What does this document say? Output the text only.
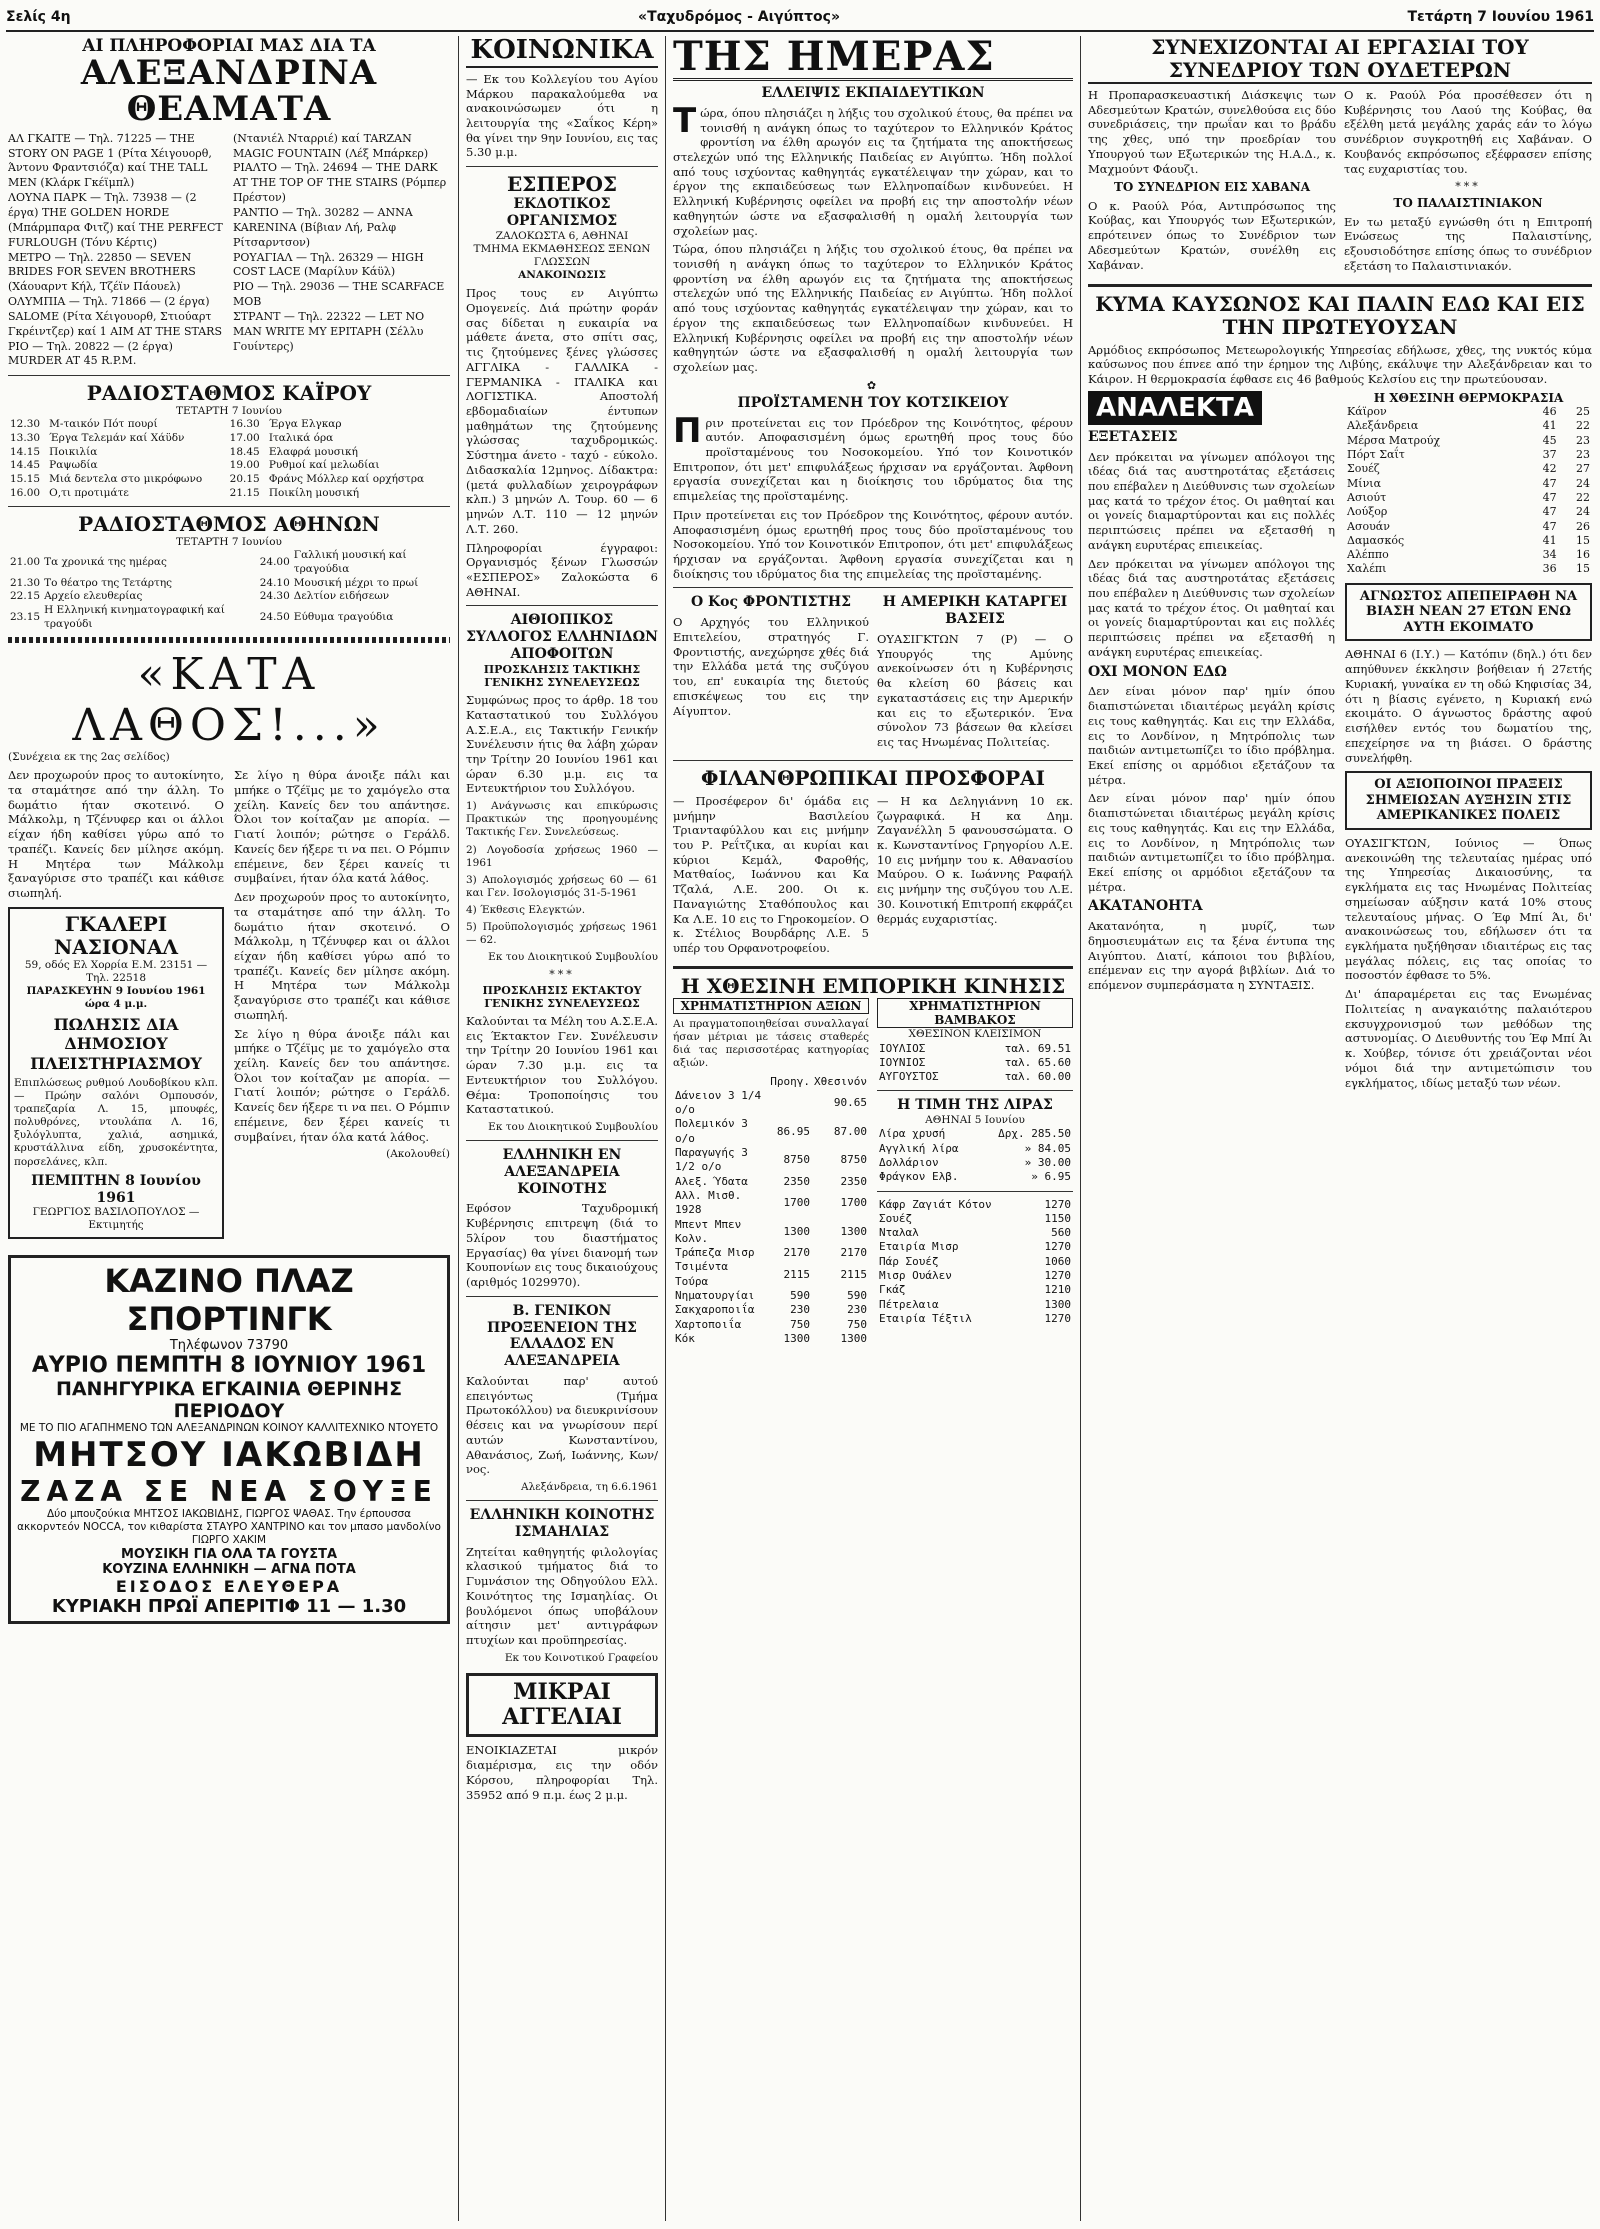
Σελίς 4η	«Ταχυδρόμος - Αιγύπτος»	Τετάρτη 7 Ιουνίου 1961
ΑΙ ΠΛΗΡΟΦΟΡΙΑΙ ΜΑΣ ΔΙΑ ΤΑ
ΑΛΕΞΑΝΔΡΙΝΑ ΘΕΑΜΑΤΑ
ΑΛ ΓΚΑΙΤΕ — Τηλ. 71225 — THE STORY ON PAGE 1 (Ρίτα Χέιγουορθ, Άντονυ Φραντσιόζα) καί THE TALL MEN (Κλάρκ Γκέϊμπλ)
ΛΟΥΝΑ ΠΑΡΚ — Τηλ. 73938 — (2 έργα) THE GOLDEN HORDE (Μπάρμπαρα Φιτζ) καί THE PERFECT FURLOUGH (Τόνυ Κέρτις)
ΜΕΤΡΟ — Τηλ. 22850 — SEVEN BRIDES FOR SEVEN BROTHERS (Χάουαρντ Κήλ, Τζέϊν Πάουελ)
ΟΛΥΜΠΙΑ — Τηλ. 71866 — (2 έργα) SALOME (Ρίτα Χέιγουορθ, Στιούαρτ Γκρέιντζερ) καί 1 AIM AT THE STARS
ΡΙΟ — Τηλ. 20822 — (2 έργα) MURDER AT 45 R.P.M.
(Ντανιέλ Νταρριέ) καί TARZAN MAGIC FOUNTAIN (Λέξ Μπάρκερ)
ΡΙΑΛΤΟ — Τηλ. 24694 — THE DARK AT THE TOP OF THE STAIRS (Ρόμπερ Πρέστον)
ΡΑΝΤΙΟ — Τηλ. 30282 — ANNA KARENINA (Βίβιαν Λή, Ραλφ Ρίτσαρντσον)
ΡΟΥΑΓΙΑΛ — Τηλ. 26329 — HIGH COST LACE (Μαρίλυν Κάϋλ)
ΡΙΟ — Τηλ. 29036 — THE SCARFACE MOB
ΣΤΡΑΝΤ — Τηλ. 22322 — LET NO MAN WRITE MY EPITAPH (Σέλλυ Γουίντερς)
ΡΑΔΙΟΣΤΑΘΜΟΣ ΚΑΪΡΟΥ
ΤΕΤΑΡΤΗ 7 Ιουνίου
12.30	Μ-ταικόν Πότ πουρί	16.30	Έργα Ελγκαρ
13.30	Έργα Τελεμάν καί Χάϋδν	17.00	Ιταλικά όρα
14.15	Ποικιλία	18.45	Ελαφρά μουσική
14.45	Ραψωδία	19.00	Ρυθμοί καί μελωδίαι
15.15	Μιά δεντελα στο μικρόφωνο	20.15	Φράνς Μόλλερ καί ορχήστρα
16.00	Ο,τι προτιμάτε	21.15	Ποικίλη μουσική
ΡΑΔΙΟΣΤΑΘΜΟΣ ΑΘΗΝΩΝ
ΤΕΤΑΡΤΗ 7 Ιουνίου
21.00	Τα χρονικά της ημέρας	24.00	Γαλλική μουσική καί τραγούδια
21.30	Το θέατρο της Τετάρτης	24.10	Μουσική μέχρι το πρωί
22.15	Αρχείο ελευθερίας	24.30	Δελτίον ειδήσεων
23.15	Η Ελληνική κινηματογραφική καί τραγούδι	24.50	Εύθυμα τραγούδια
«ΚΑΤΑ ΛΑΘΟΣ!...»
(Συνέχεια εκ της 2ας σελίδος)

Δεν προχωρούν προς το αυτοκίνητο, τα σταμάτησε από την άλλη. Το δωμάτιο ήταν σκοτεινό. Ο Μάλκολμ, η Τζένυφερ και οι άλλοι είχαν ήδη καθίσει γύρω από το τραπέζι. Κανείς δεν μίλησε ακόμη. Η Μητέρα των Μάλκολμ ξαναγύρισε στο τραπέζι και κάθισε σιωπηλή.

ΓΚΑΛΕΡΙ ΝΑΣΙΟΝΑΛ
59, οδός Ελ Χορρία Ε.Μ. 23151 — Τηλ. 22518
ΠΑΡΑΣΚΕΥΗΝ 9 Ιουνίου 1961 ώρα 4 μ.μ.
ΠΩΛΗΣΙΣ ΔΙΑ ΔΗΜΟΣΙΟΥ ΠΛΕΙΣΤΗΡΙΑΣΜΟΥ

Επιπλώσεως ρυθμού Λουδοβίκου κλπ. — Πρώην σαλόνι Ομπουσόν, τραπεζαρία Λ. 15, μπουφές, πολυθρόνες, ντουλάπα Λ. 16, ξυλόγλυπτα, χαλιά, ασημικά, κρυστάλλινα είδη, χρυσοκέντητα, πορσελάνες, κλπ.

ΠΕΜΠΤΗΝ 8 Ιουνίου 1961
ΓΕΩΡΓΙΟΣ ΒΑΣΙΛΟΠΟΥΛΟΣ — Εκτιμητής

Σε λίγο η θύρα άνοιξε πάλι και μπήκε ο Τζέϊμς με το χαμόγελο στα χείλη. Κανείς δεν του απάντησε. Όλοι τον κοίταζαν με απορία. — Γιατί λοιπόν; ρώτησε ο Γεράλδ. Κανείς δεν ήξερε τι να πει. Ο Ρόμπιν επέμεινε, δεν ξέρει κανείς τι συμβαίνει, ήταν όλα κατά λάθος.

Δεν προχωρούν προς το αυτοκίνητο, τα σταμάτησε από την άλλη. Το δωμάτιο ήταν σκοτεινό. Ο Μάλκολμ, η Τζένυφερ και οι άλλοι είχαν ήδη καθίσει γύρω από το τραπέζι. Κανείς δεν μίλησε ακόμη. Η Μητέρα των Μάλκολμ ξαναγύρισε στο τραπέζι και κάθισε σιωπηλή.

Σε λίγο η θύρα άνοιξε πάλι και μπήκε ο Τζέϊμς με το χαμόγελο στα χείλη. Κανείς δεν του απάντησε. Όλοι τον κοίταζαν με απορία. — Γιατί λοιπόν; ρώτησε ο Γεράλδ. Κανείς δεν ήξερε τι να πει. Ο Ρόμπιν επέμεινε, δεν ξέρει κανείς τι συμβαίνει, ήταν όλα κατά λάθος.

(Ακολουθεί)
ΚΑΖΙΝΟ ΠΛΑΖ ΣΠΟΡΤΙΝΓΚ
Τηλέφωνον 73790
ΑΥΡΙΟ ΠΕΜΠΤΗ 8 ΙΟΥΝΙΟΥ 1961
ΠΑΝΗΓΥΡΙΚΑ ΕΓΚΑΙΝΙΑ ΘΕΡΙΝΗΣ ΠΕΡΙΟΔΟΥ
ΜΕ ΤΟ ΠΙΟ ΑΓΑΠΗΜΕΝΟ ΤΩΝ ΑΛΕΞΑΝΔΡΙΝΩΝ ΚΟΙΝΟΥ ΚΑΛΛΙΤΕΧΝΙΚΟ ΝΤΟΥΕΤΟ
ΜΗΤΣΟΥ ΙΑΚΩΒΙΔΗ
ΖΑΖΑ ΣΕ ΝΕΑ ΣΟΥΞΕ
Δύο μπουζούκια ΜΗΤΣΟΣ ΙΑΚΩΒΙΔΗΣ, ΓΙΩΡΓΟΣ ΨΑΘΑΣ. Την έρπουσσα ακκορντεόν NOCCA, τον κιθαρίστα ΣΤΑΥΡΟ ΧΑΝΤΡΙΝΟ και τον μπασο μανδολίνο ΓΙΩΡΓΟ ΧΑΚΙΜ
ΜΟΥΣΙΚΗ ΓΙΑ ΟΛΑ ΤΑ ΓΟΥΣΤΑ
ΚΟΥΖΙΝΑ ΕΛΛΗΝΙΚΗ — ΑΓΝΑ ΠΟΤΑ
ΕΙΣΟΔΟΣ ΕΛΕΥΘΕΡΑ
ΚΥΡΙΑΚΗ ΠΡΩΪ ΑΠΕΡΙΤΙΦ 11 — 1.30
ΚΟΙΝΩΝΙΚΑ

— Εκ του Κολλεγίου του Αγίου Μάρκου παρακαλούμεθα να ανακοινώσωμεν ότι η λειτουργία της «Σαΐκος Κέρη» θα γίνει την 9ην Ιουνίου, εις τας 5.30 μ.μ.

ΕΣΠΕΡΟΣ
ΕΚΔΟΤΙΚΟΣ ΟΡΓΑΝΙΣΜΟΣ
ΖΑΛΟΚΩΣΤΑ 6, ΑΘΗΝΑΙ
ΤΜΗΜΑ ΕΚΜΑΘΗΣΕΩΣ ΞΕΝΩΝ ΓΛΩΣΣΩΝ
ΑΝΑΚΟΙΝΩΣΙΣ

Προς τους εν Αιγύπτω Ομογενείς. Διά πρώτην φοράν σας δίδεται η ευκαιρία να μάθετε άνετα, στο σπίτι σας, τις ζητούμενες ξένες γλώσσες ΑΓΓΛΙΚΑ - ΓΑΛΛΙΚΑ - ΓΕΡΜΑΝΙΚΑ - ΙΤΑΛΙΚΑ και ΛΟΓΙΣΤΙΚΑ. Αποστολή εβδομαδιαίων έντυπων μαθημάτων της ζητούμενης γλώσσας ταχυδρομικώς. Σύστημα άνετο - ταχύ - εύκολο. Διδασκαλία 12μηνος. Δίδακτρα: (μετά φυλλαδίων χειρογράφων κλπ.) 3 μηνών Λ. Τουρ. 60 — 6 μηνών Λ.Τ. 110 — 12 μηνών Λ.Τ. 260.

Πληροφορίαι έγγραφοι: Οργανισμός ξένων Γλωσσών «ΕΣΠΕΡΟΣ» Ζαλοκώστα 6 ΑΘΗΝΑΙ.

ΑΙΘΙΟΠΙΚΟΣ ΣΥΛΛΟΓΟΣ ΕΛΛΗΝΙΔΩΝ ΑΠΟΦΟΙΤΩΝ
ΠΡΟΣΚΛΗΣΙΣ ΤΑΚΤΙΚΗΣ ΓΕΝΙΚΗΣ ΣΥΝΕΛΕΥΣΕΩΣ

Συμφώνως προς το άρθρ. 18 του Καταστατικού του Συλλόγου Α.Σ.Ε.Α., εις Τακτικήν Γενικήν Συνέλευσιν ήτις θα λάβη χώραν την Τρίτην 20 Ιουνίου 1961 και ώραν 6.30 μ.μ. εις τα Εντευκτήριον του Συλλόγου.

1) Ανάγνωσις και επικύρωσις Πρακτικών της προηγουμένης Τακτικής Γεν. Συνελεύσεως.
2) Λογοδοσία χρήσεως 1960 — 1961
3) Απολογισμός χρήσεως 60 — 61 και Γεν. Ισολογισμός 31-5-1961
4) Έκθεσις Ελεγκτών.
5) Προϋπολογισμός χρήσεως 1961 — 62.
Εκ του Διοικητικού Συμβουλίου
***
ΠΡΟΣΚΛΗΣΙΣ ΕΚΤΑΚΤΟΥ ΓΕΝΙΚΗΣ ΣΥΝΕΛΕΥΣΕΩΣ

Καλούνται τα Μέλη του Α.Σ.Ε.Α. εις Έκτακτον Γεν. Συνέλευσιν την Τρίτην 20 Ιουνίου 1961 και ώραν 7.30 μ.μ. εις τα Εντευκτήριον του Συλλόγου. Θέμα: Τροποποίησις του Καταστατικού.

Εκ του Διοικητικού Συμβουλίου
ΕΛΛΗΝΙΚΗ ΕΝ ΑΛΕΞΑΝΔΡΕΙΑ ΚΟΙΝΟΤΗΣ

Εφόσον Ταχυδρομική Κυβέρνησις επιτρεψη (διά το 5λίρον του διαστήματος Εργασίας) θα γίνει διανομή των Κουπονίων εις τους δικαιούχους (αριθμός 1029970).

Β. ΓΕΝΙΚΟΝ ΠΡΟΞΕΝΕΙΟΝ ΤΗΣ ΕΛΛΑΔΟΣ ΕΝ ΑΛΕΞΑΝΔΡΕΙΑ

Καλούνται παρ' αυτού επειγόντως (Τμήμα Πρωτοκόλλου) να διευκρινίσουν θέσεις και να γνωρίσουν περί αυτών Κωνσταντίνου, Αθανάσιος, Ζωή, Ιωάννης, Κων/νος.

Αλεξάνδρεια, τη 6.6.1961
ΕΛΛΗΝΙΚΗ ΚΟΙΝΟΤΗΣ ΙΣΜΑΗΛΙΑΣ

Ζητείται καθηγητής φιλολογίας κλασικού τμήματος διά το Γυμνάσιον της Οδηγούλου Ελλ. Κοινότητος της Ισμαηλίας. Οι βουλόμενοι όπως υποβάλουν αίτησιν μετ' αντιγράφων πτυχίων και προϋπηρεσίας.

Εκ του Κοινοτικού Γραφείου
ΜΙΚΡΑΙ ΑΓΓΕΛΙΑΙ

ΕΝΟΙΚΙΑΖΕΤΑΙ μικρόν διαμέρισμα, εις την οδόν Κόρσου, πληροφορίαι Τηλ. 35952 από 9 π.μ. έως 2 μ.μ.

ΤΗΣ ΗΜΕΡΑΣ
ΕΛΛΕΙΨΙΣ ΕΚΠΑΙΔΕΥΤΙΚΩΝ

Τώρα, όπου πλησιάζει η λήξις του σχολικού έτους, θα πρέπει να τονισθή η ανάγκη όπως το ταχύτερον το Ελληνικόν Κράτος φροντίση να έλθη αρωγόν εις τα ζητήματα της αποκτήσεως στελεχών υπό της Ελληνικής Παιδείας εν Αιγύπτω. Ήδη πολλοί από τους ισχύοντας καθηγητάς εγκατέλειψαν την χώραν, και το έργον της εκπαιδεύσεως των Ελληνοπαίδων κινδυνεύει. Η Ελληνική Κυβέρνησις οφείλει να προβή εις την αποστολήν νέων καθηγητών ώστε να εξασφαλισθή η ομαλή λειτουργία των σχολείων μας.

Τώρα, όπου πλησιάζει η λήξις του σχολικού έτους, θα πρέπει να τονισθή η ανάγκη όπως το ταχύτερον το Ελληνικόν Κράτος φροντίση να έλθη αρωγόν εις τα ζητήματα της αποκτήσεως στελεχών υπό της Ελληνικής Παιδείας εν Αιγύπτω. Ήδη πολλοί από τους ισχύοντας καθηγητάς εγκατέλειψαν την χώραν, και το έργον της εκπαιδεύσεως των Ελληνοπαίδων κινδυνεύει. Η Ελληνική Κυβέρνησις οφείλει να προβή εις την αποστολήν νέων καθηγητών ώστε να εξασφαλισθή η ομαλή λειτουργία των σχολείων μας.

✿
ΠΡΟΪΣΤΑΜΕΝΗ ΤΟΥ ΚΟΤΣΙΚΕΙΟΥ

Πριν προτείνεται εις τον Πρόεδρον της Κοινότητος, φέρουν αυτόν. Αποφασισμένη όμως ερωτηθή προς τους δύο προϊσταμένους του Νοσοκομείου. Υπό τον Κοινοτικόν Επιτροπον, ότι μετ' επιφυλάξεως ήρχισαν να εργάζονται. Άφθονη εργασία συνεχίζεται και η διοίκησις του ιδρύματος δια της επιμελείας της προϊσταμένης.

Πριν προτείνεται εις τον Πρόεδρον της Κοινότητος, φέρουν αυτόν. Αποφασισμένη όμως ερωτηθή προς τους δύο προϊσταμένους του Νοσοκομείου. Υπό τον Κοινοτικόν Επιτροπον, ότι μετ' επιφυλάξεως ήρχισαν να εργάζονται. Άφθονη εργασία συνεχίζεται και η διοίκησις του ιδρύματος δια της επιμελείας της προϊσταμένης.

Ο Κος ΦΡΟΝΤΙΣΤΗΣ

Ο Αρχηγός του Ελληνικού Επιτελείου, στρατηγός Γ. Φροντιστής, ανεχώρησε χθές διά την Ελλάδα μετά της συζύγου του, επ' ευκαιρία της διετούς επισκέψεως του εις την Αίγυπτον.

Η ΑΜΕΡΙΚΗ ΚΑΤΑΡΓΕΙ ΒΑΣΕΙΣ

ΟΥΑΣΙΓΚΤΩΝ 7 (Ρ) — Ο Υπουργός της Αμύνης ανεκοίνωσεν ότι η Κυβέρνησις θα κλείση 60 βάσεις και εγκαταστάσεις εις την Αμερικήν και εις το εξωτερικόν. Ένα σύνολον 73 βάσεων θα κλείσει εις τας Ηνωμένας Πολιτείας.

ΦΙΛΑΝΘΡΩΠΙΚΑΙ ΠΡΟΣΦΟΡΑΙ

— Προσέφερον δι' όμάδα εις μνήμην Βασιλείου Τριανταφύλλου και εις μνήμην του Ρ. Ρεΐτζικα, αι κυρίαι και κύριοι Κεμάλ, Φαροθής, Ματθαίος, Ιωάννου και Κα Τζαλά, Λ.Ε. 200. Οι κ. Παναγιώτης Σταθόπουλος και Κα Λ.Ε. 10 εις το Γηροκομείον. Ο κ. Στέλιος Βουρδάρης Λ.Ε. 5 υπέρ του Ορφανοτροφείου.

— Η κα Δεληγιάννη 10 εκ. ζωγραφικά. Η κα Δημ. Ζαγανέλλη 5 φανουσσώματα. Ο κ. Κωνσταντίνος Γρηγορίου Λ.Ε. 10 εις μνήμην του κ. Αθανασίου Μαύρου. Ο κ. Ιωάννης Ραφαήλ εις μνήμην της συζύγου του Λ.Ε. 30. Κοινοτική Επιτροπή εκφράζει θερμάς ευχαριστίας.

Η ΧΘΕΣΙΝΗ ΕΜΠΟΡΙΚΗ ΚΙΝΗΣΙΣ
ΧΡΗΜΑΤΙΣΤΗΡΙΟΝ ΑΞΙΩΝ

Αι πραγματοποιηθείσαι συναλλαγαί ήσαν μέτριαι με τάσεις σταθερές διά τας περισσοτέρας κατηγορίας αξιών.

	Προηγ.	Χθεσινόν
Δάνειον 3 1/4 ο/ο		90.65
Πολεμικόν 3 ο/ο	86.95	87.00
Παραγωγής 3 1/2 ο/ο	8750	8750
Αλεξ. Ύδατα	2350	2350
Αλλ. Μισθ. 1928	1700	1700
Μπεντ Μπεν Κολν.	1300	1300
Τράπεζα Μισρ	2170	2170
Τσιμέντα Τούρα	2115	2115
Νηματουργίαι	590	590
Σακχαροποιΐα	230	230
Χαρτοποιΐα	750	750
Κόκ	1300	1300
ΧΡΗΜΑΤΙΣΤΗΡΙΟΝ ΒΑΜΒΑΚΟΣ
ΧΘΕΣΙΝΟΝ ΚΛΕΙΣΙΜΟΝ
ΙΟΥΛΙΟΣ	ταλ. 69.51
ΙΟΥΝΙΟΣ	ταλ. 65.60
ΑΥΓΟΥΣΤΟΣ	ταλ. 60.00
Η ΤΙΜΗ ΤΗΣ ΛΙΡΑΣ
ΑΘΗΝΑΙ 5 Ιουνίου
Λίρα χρυσή	Δρχ. 285.50
Αγγλική λίρα	» 84.05
Δολλάριον	» 30.00
Φράγκον Ελβ.	» 6.95
Κάφρ Ζαγιάτ Κότον	1270
Σουέζ	1150
Νταλαλ	560
Εταιρία Μισρ	1270
Πάρ Σουέζ	1060
Μισρ Ουάλεν	1270
Γκάζ	1210
Πέτρελαια	1300
Εταιρία Τέξτιλ	1270
ΣΥΝΕΧΙΖΟΝΤΑΙ ΑΙ ΕΡΓΑΣΙΑΙ ΤΟΥ ΣΥΝΕΔΡΙΟΥ ΤΩΝ ΟΥΔΕΤΕΡΩΝ

Η Προπαρασκευαστική Διάσκεψις των Αδεσμεύτων Κρατών, συνελθούσα εις δύο συνεδριάσεις, την πρωΐαν και το βράδυ της χθες, υπό την προεδρίαν του Υπουργού των Εξωτερικών της Η.Α.Δ., κ. Μαχμούντ Φάουζι.

ΤΟ ΣΥΝΕΔΡΙΟΝ ΕΙΣ ΧΑΒΑΝΑ

Ο κ. Ραούλ Ρόα, Αντιπρόσωπος της Κούβας, και Υπουργός των Εξωτερικών, επρότεινεν όπως το Συνέδριον των Αδεσμεύτων Κρατών, συνέλθη εις Χαβάναν.

Ο κ. Ραούλ Ρόα προσέθεσεν ότι η Κυβέρνησις του Λαού της Κούβας, θα εξέλθη μετά μεγάλης χαράς εάν το λόγω συνέδριον συγκροτηθή εις Χαβάναν. Ο Κουβανός εκπρόσωπος εξέφρασεν επίσης τας ευχαριστίας του.

***
ΤΟ ΠΑΛΑΙΣΤΙΝΙΑΚΟΝ

Εν τω μεταξύ εγνώσθη ότι η Επιτροπή Ενώσεως της Παλαιστίνης, εξουσιοδότησε επίσης όπως το συνέδριον εξετάση το Παλαιστινιακόν.

ΚΥΜΑ ΚΑΥΣΩΝΟΣ ΚΑΙ ΠΑΛΙΝ ΕΔΩ ΚΑΙ ΕΙΣ ΤΗΝ ΠΡΩΤΕΥΟΥΣΑΝ

Αρμόδιος εκπρόσωπος Μετεωρολογικής Υπηρεσίας εδήλωσε, χθες, της νυκτός κύμα καύσωνος που έπνεε από την έρημον της Λιβύης, εκάλυψε την Αλεξάνδρειαν και το Κάιρον. Η θερμοκρασία έφθασε εις 46 βαθμούς Κελσίου εις την πρωτεύουσαν.

ΑΝΑΛΕΚΤΑ
ΕΞΕΤΑΣΕΙΣ

Δεν πρόκειται να γίνωμεν απόλογοι της ιδέας διά τας αυστηροτάτας εξετάσεις που επέβαλεν η Διεύθυνσις των σχολείων μας κατά το τρέχον έτος. Οι μαθηταί και οι γονείς διαμαρτύρονται και εις πολλές περιπτώσεις πρέπει να εξετασθή η ανάγκη ευρυτέρας επιεικείας.

Δεν πρόκειται να γίνωμεν απόλογοι της ιδέας διά τας αυστηροτάτας εξετάσεις που επέβαλεν η Διεύθυνσις των σχολείων μας κατά το τρέχον έτος. Οι μαθηταί και οι γονείς διαμαρτύρονται και εις πολλές περιπτώσεις πρέπει να εξετασθή η ανάγκη ευρυτέρας επιεικείας.

ΟΧΙ ΜΟΝΟΝ ΕΔΩ

Δεν είναι μόνον παρ' ημίν όπου διαπιστώνεται ιδιαιτέρως μεγάλη κρίσις εις τους καθηγητάς. Και εις την Ελλάδα, εις το Λονδίνον, η Μητρόπολις των παιδιών αντιμετωπίζει το ίδιο πρόβλημα. Εκεί επίσης οι αρμόδιοι εξετάζουν τα μέτρα.

Δεν είναι μόνον παρ' ημίν όπου διαπιστώνεται ιδιαιτέρως μεγάλη κρίσις εις τους καθηγητάς. Και εις την Ελλάδα, εις το Λονδίνον, η Μητρόπολις των παιδιών αντιμετωπίζει το ίδιο πρόβλημα. Εκεί επίσης οι αρμόδιοι εξετάζουν τα μέτρα.

ΑΚΑΤΑΝΟΗΤΑ

Ακατανόητα, η μυρίζ, των δημοσιευμάτων εις τα ξένα έντυπα της Αιγύπτου. Διατί, κάποιοι του βιβλίου, επέμεναν εις την αγορά βιβλίων. Διά το επόμενον συμπεράσματα η ΣΥΝΤΑΞΙΣ.

Η ΧΘΕΣΙΝΗ ΘΕΡΜΟΚΡΑΣΙΑ
Κάϊρον	46	25
Αλεξάνδρεια	41	22
Μέρσα Ματρούχ	45	23
Πόρτ Σαΐτ	37	23
Σουέζ	42	27
Μίνια	47	24
Ασιούτ	47	22
Λούξορ	47	24
Ασουάν	47	26
Δαμασκός	41	15
Αλέππο	34	16
Χαλέπι	36	15
ΑΓΝΩΣΤΟΣ ΑΠΕΠΕΙΡΑΘΗ ΝΑ ΒΙΑΣΗ ΝΕΑΝ 27 ΕΤΩΝ ΕΝΩ ΑΥΤΗ ΕΚΟΙΜΑΤΟ

ΑΘΗΝΑΙ 6 (Ι.Υ.) — Κατόπιν (δηλ.) ότι δεν απηύθυνεν έκκλησιν βοήθειαν ή 27ετής Κυριακή, γυναίκα εν τη οδώ Κηφισίας 34, ότι η βίασις εγένετο, η Κυριακή ενώ εκοιμάτο. Ο άγνωστος δράστης αφού εισήλθεν εντός του δωματίου της, επεχείρησε να τη βιάσει. Ο δράστης συνελήφθη.

ΟΙ ΑΞΙΟΠΟΙΝΟΙ ΠΡΑΞΕΙΣ ΣΗΜΕΙΩΣΑΝ ΑΥΞΗΣΙΝ ΣΤΙΣ ΑΜΕΡΙΚΑΝΙΚΕΣ ΠΟΛΕΙΣ

ΟΥΑΣΙΓΚΤΩΝ, Ιούνιος — Όπως ανεκοινώθη της τελευταίας ημέρας υπό της Υπηρεσίας Δικαιοσύνης, τα εγκλήματα εις τας Ηνωμένας Πολιτείας σημείωσαν αύξησιν κατά 10% στους τελευταίους μήνας. Ο Έφ Μπί Άι, δι' ανακοινώσεως του, εδήλωσεν ότι τα εγκλήματα ηυξήθησαν ιδιαιτέρως εις τας μεγάλας πόλεις, εις τας οποίας το ποσοστόν έφθασε το 5%.

Δι' άπαραμέρεται εις τας Ενωμένας Πολιτείας η αναγκαιότης παλαιότερου εκσυγχρονισμού των μεθόδων της αστυνομίας. Ο Διευθυντής του Έφ Μπί Άι κ. Χούβερ, τόνισε ότι χρειάζονται νέοι νόμοι διά την αντιμετώπισιν του εγκλήματος, ιδίως μεταξύ των νέων.
